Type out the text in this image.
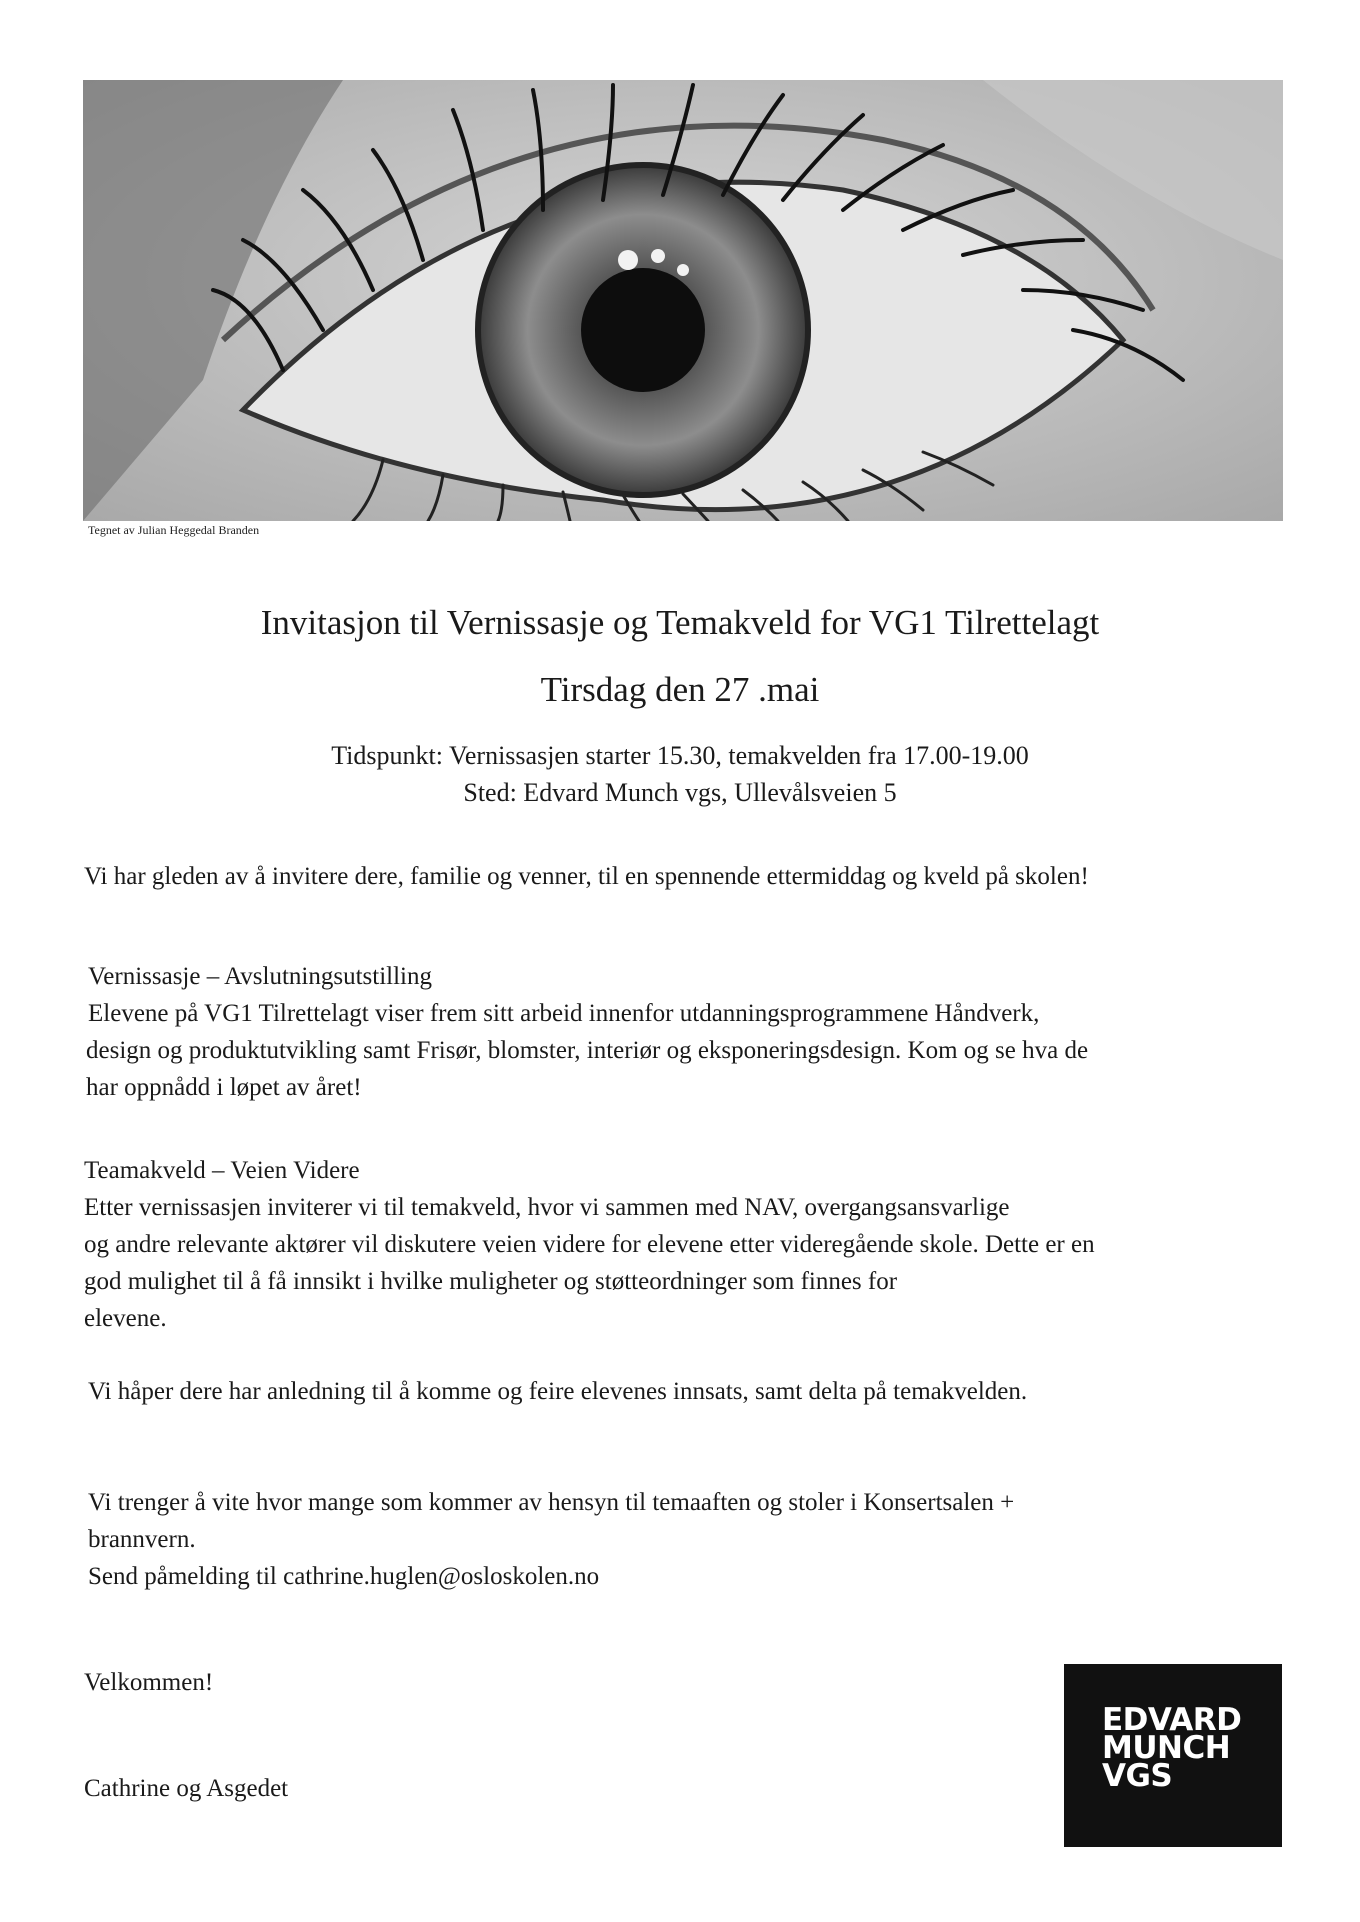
Tegnet av Julian Heggedal Branden
Invitasjon til Vernissasje og Temakveld for VG1 Tilrettelagt
Tirsdag den 27 .mai
Tidspunkt: Vernissasjen starter 15.30, temakvelden fra 17.00-19.00
Sted: Edvard Munch vgs, Ullevålsveien 5
Vi har gleden av å invitere dere, familie og venner, til en spennende ettermiddag og kveld på skolen!
Vernissasje – Avslutningsutstilling
Elevene på VG1 Tilrettelagt viser frem sitt arbeid innenfor utdanningsprogrammene Håndverk,
design og produktutvikling samt Frisør, blomster, interiør og eksponeringsdesign. Kom og se hva de
har oppnådd i løpet av året!
Teamakveld – Veien Videre
Etter vernissasjen inviterer vi til temakveld, hvor vi sammen med NAV, overgangsansvarlige
og andre relevante aktører vil diskutere veien videre for elevene etter videregående skole. Dette er en
god mulighet til å få innsikt i hvilke muligheter og støtteordninger som finnes for
elevene.
Vi håper dere har anledning til å komme og feire elevenes innsats, samt delta på temakvelden.
Vi trenger å vite hvor mange som kommer av hensyn til temaaften og stoler i Konsertsalen +
brannvern.
Send påmelding til cathrine.huglen@osloskolen.no
Velkommen!
Cathrine og Asgedet
EDVARD
MUNCH
VGS
